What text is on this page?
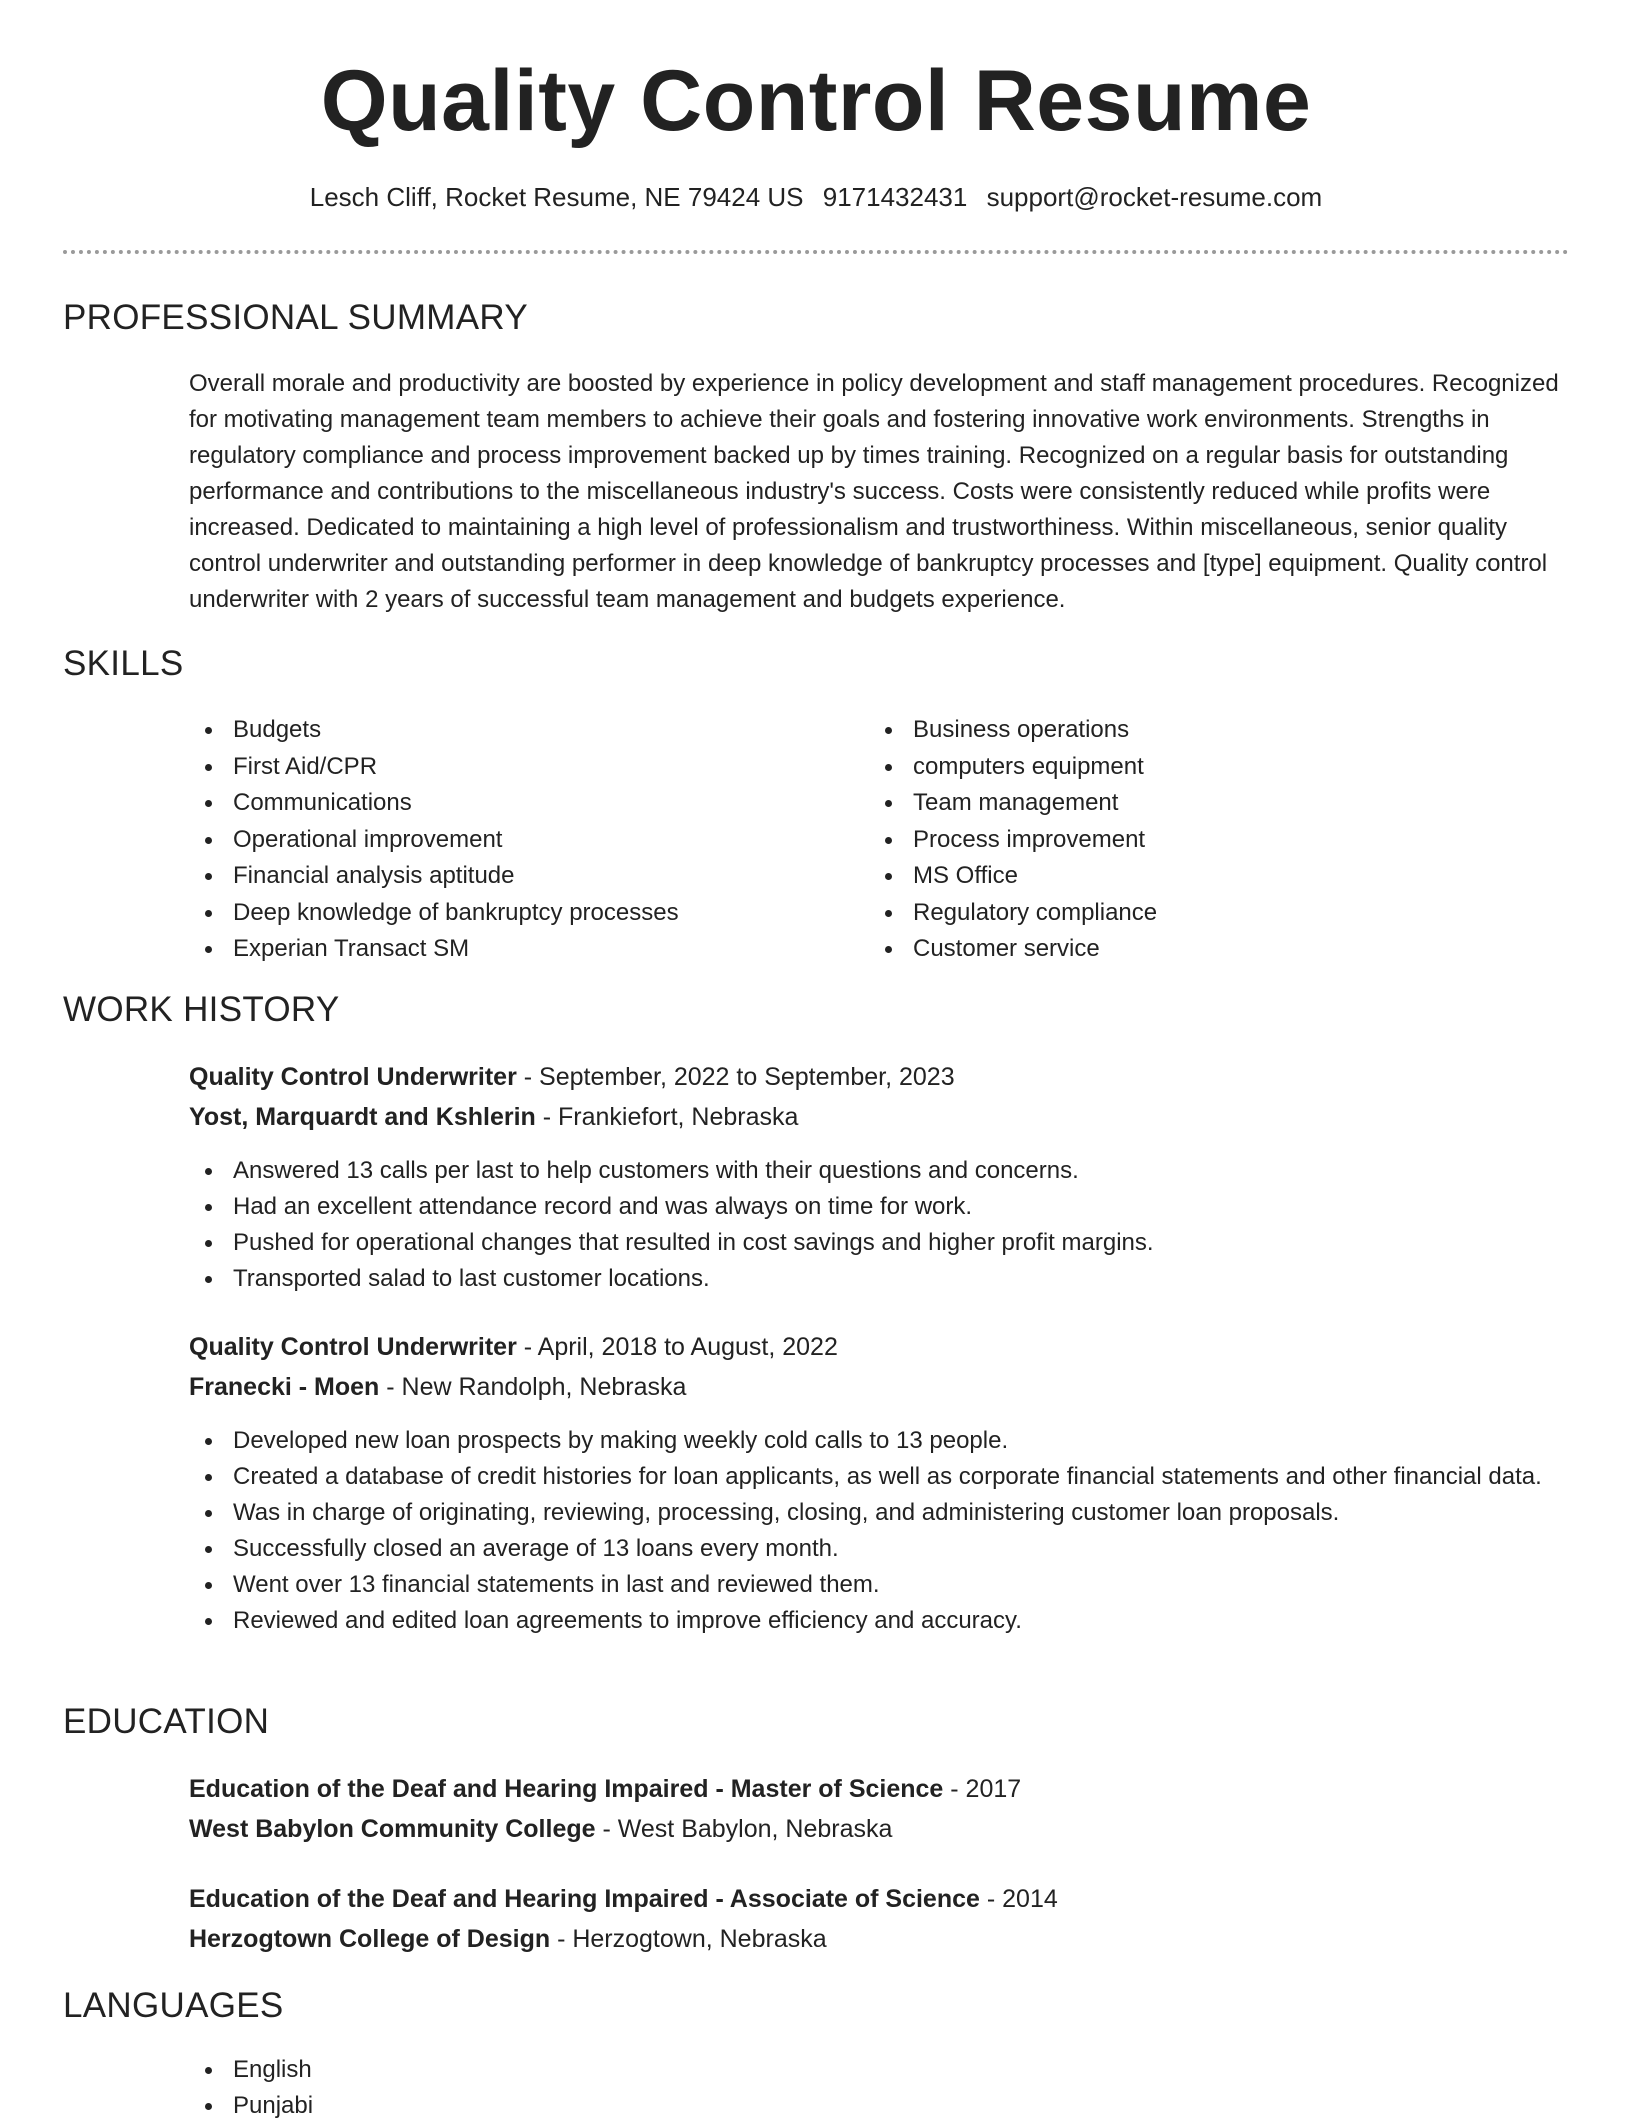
Quality Control Resume
Lesch Cliff, Rocket Resume, NE 79424 US 9171432431 support@rocket-resume.com
PROFESSIONAL SUMMARY

Overall morale and productivity are boosted by experience in policy development and staff management procedures. Recognized for motivating management team members to achieve their goals and fostering innovative work environments. Strengths in regulatory compliance and process improvement backed up by times training. Recognized on a regular basis for outstanding performance and contributions to the miscellaneous industry's success. Costs were consistently reduced while profits were increased. Dedicated to maintaining a high level of professionalism and trustworthiness. Within miscellaneous, senior quality control underwriter and outstanding performer in deep knowledge of bankruptcy processes and [type] equipment. Quality control underwriter with 2 years of successful team management and budgets experience.

SKILLS
Budgets
First Aid/CPR
Communications
Operational improvement
Financial analysis aptitude
Deep knowledge of bankruptcy processes
Experian Transact SM
Business operations
computers equipment
Team management
Process improvement
MS Office
Regulatory compliance
Customer service
WORK HISTORY
Quality Control Underwriter - September, 2022 to September, 2023
Yost, Marquardt and Kshlerin - Frankiefort, Nebraska
Answered 13 calls per last to help customers with their questions and concerns.
Had an excellent attendance record and was always on time for work.
Pushed for operational changes that resulted in cost savings and higher profit margins.
Transported salad to last customer locations.
Quality Control Underwriter - April, 2018 to August, 2022
Franecki - Moen - New Randolph, Nebraska
Developed new loan prospects by making weekly cold calls to 13 people.
Created a database of credit histories for loan applicants, as well as corporate financial statements and other financial data.
Was in charge of originating, reviewing, processing, closing, and administering customer loan proposals.
Successfully closed an average of 13 loans every month.
Went over 13 financial statements in last and reviewed them.
Reviewed and edited loan agreements to improve efficiency and accuracy.
EDUCATION
Education of the Deaf and Hearing Impaired - Master of Science - 2017
West Babylon Community College - West Babylon, Nebraska
Education of the Deaf and Hearing Impaired - Associate of Science - 2014
Herzogtown College of Design - Herzogtown, Nebraska
LANGUAGES
English
Punjabi
